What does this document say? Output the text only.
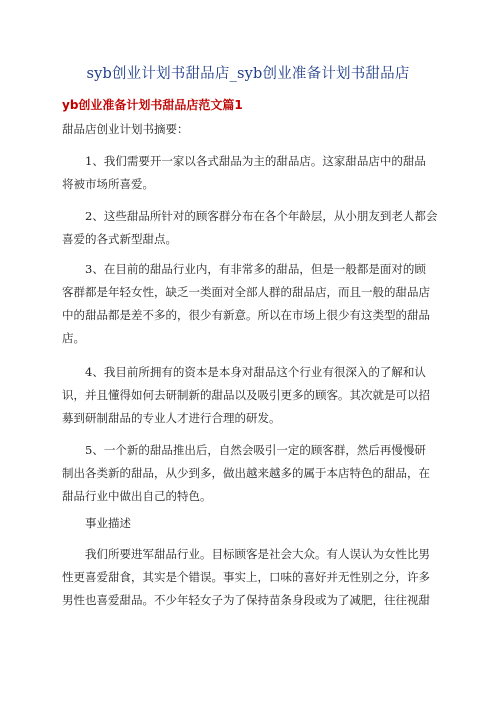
syb创业计划书甜品店_syb创业准备计划书甜品店
yb创业准备计划书甜品店范文篇1
甜品店创业计划书摘要：

1、我们需要开一家以各式甜品为主的甜品店。这家甜品店中的甜品
将被市场所喜爱。

2、这些甜品所针对的顾客群分布在各个年龄层，从小朋友到老人都会
喜爱的各式新型甜点。

3、在目前的甜品行业内，有非常多的甜品，但是一般都是面对的顾
客群都是年轻女性，缺乏一类面对全部人群的甜品店，而且一般的甜品店
中的甜品都是差不多的，很少有新意。所以在市场上很少有这类型的甜品
店。

4、我目前所拥有的资本是本身对甜品这个行业有很深入的了解和认
识，并且懂得如何去研制新的甜品以及吸引更多的顾客。其次就是可以招
募到研制甜品的专业人才进行合理的研发。

5、一个新的甜品推出后，自然会吸引一定的顾客群，然后再慢慢研
制出各类新的甜品，从少到多，做出越来越多的属于本店特色的甜品，在
甜品行业中做出自己的特色。

事业描述

我们所要进军甜品行业。目标顾客是社会大众。有人误认为女性比男
性更喜爱甜食，其实是个错误。事实上，口味的喜好并无性别之分，许多
男性也喜爱甜品。不少年轻女子为了保持苗条身段或为了减肥，往往视甜
